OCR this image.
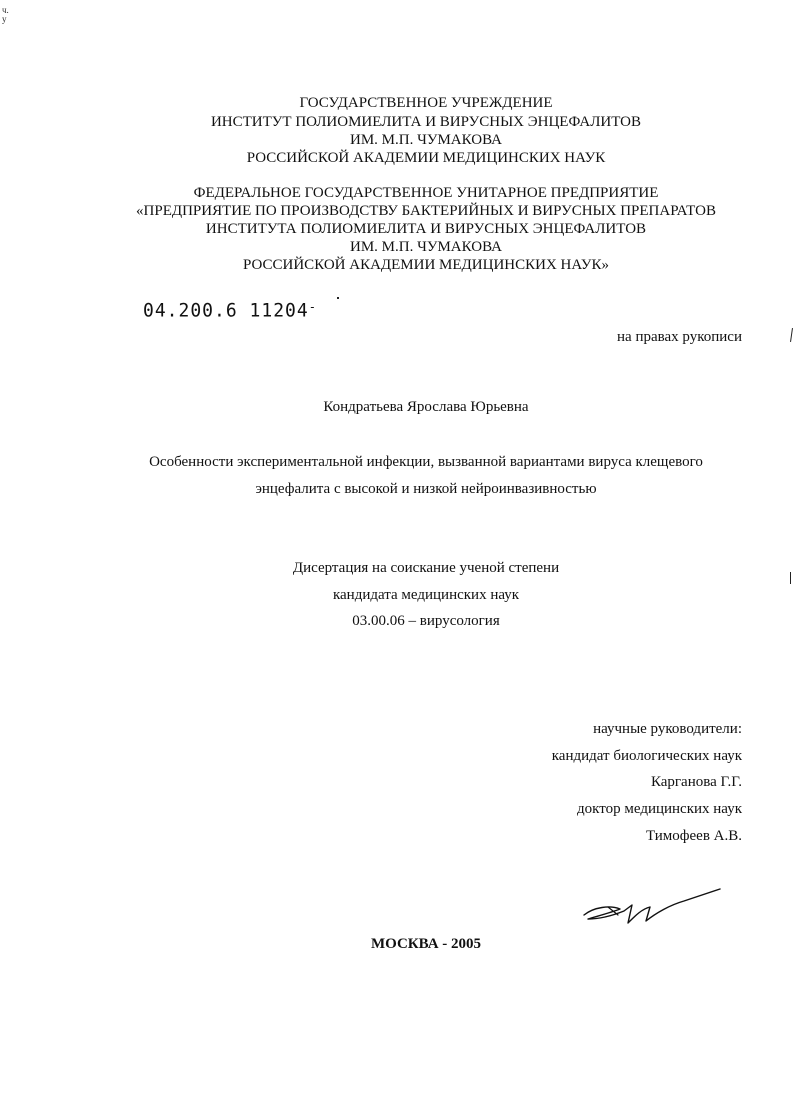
ч.
у
ГОСУДАРСТВЕННОЕ УЧРЕЖДЕНИЕ
ИНСТИТУТ ПОЛИОМИЕЛИТА И ВИРУСНЫХ ЭНЦЕФАЛИТОВ
ИМ. М.П. ЧУМАКОВА
РОССИЙСКОЙ АКАДЕМИИ МЕДИЦИНСКИХ НАУК
ФЕДЕРАЛЬНОЕ ГОСУДАРСТВЕННОЕ УНИТАРНОЕ ПРЕДПРИЯТИЕ
«ПРЕДПРИЯТИЕ ПО ПРОИЗВОДСТВУ БАКТЕРИЙНЫХ И ВИРУСНЫХ ПРЕПАРАТОВ
ИНСТИТУТА ПОЛИОМИЕЛИТА И ВИРУСНЫХ ЭНЦЕФАЛИТОВ
ИМ. М.П. ЧУМАКОВА
РОССИЙСКОЙ АКАДЕМИИ МЕДИЦИНСКИХ НАУК»
04.200.6 11204-
на правах рукописи
Кондратьева Ярослава Юрьевна
Особенности экспериментальной инфекции, вызванной вариантами вируса клещевого
энцефалита с высокой и низкой нейроинвазивностью
Дисертация на соискание ученой степени
кандидата медицинских наук
03.00.06 – вирусология
научные руководители:
кандидат биологических наук
Карганова Г.Г.
доктор медицинских наук
Тимофеев А.В.
МОСКВА - 2005
